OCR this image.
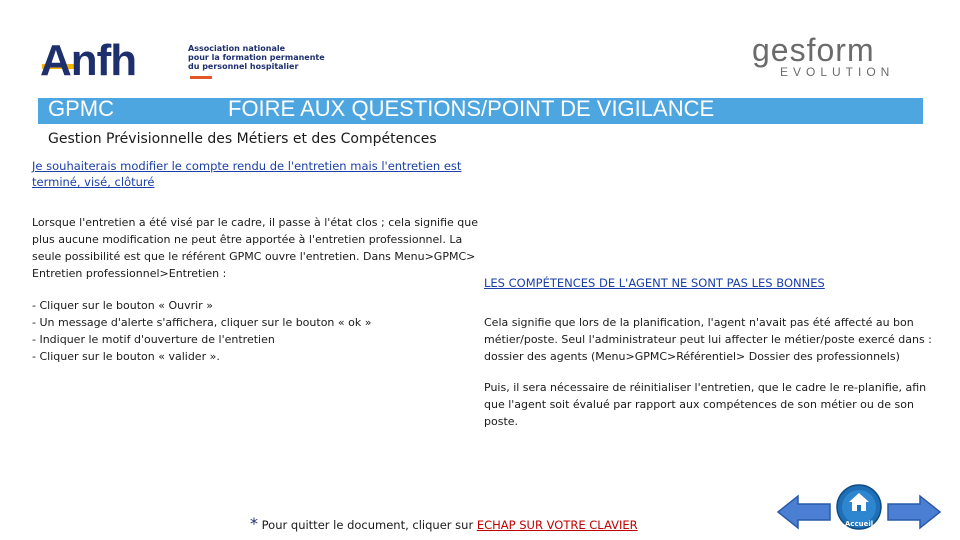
Anfh	Association nationale
pour la formation permanente
du personnel hospitalier	gesform
EVOLUTION
GPMC	FOIRE AUX QUESTIONS/POINT DE VIGILANCE
Gestion Prévisionnelle des Métiers et des Compétences
Je souhaiterais modifier le compte rendu de l'entretien mais l'entretien est terminé, visé, clôturé
Lorsque l'entretien a été visé par le cadre, il passe à l'état clos ; cela signifie que plus aucune modification ne peut être apportée à l'entretien professionnel. La seule possibilité est que le référent GPMC ouvre l'entretien. Dans Menu>GPMC> Entretien professionnel>Entretien :
- Cliquer sur le bouton « Ouvrir »
- Un message d'alerte s'affichera, cliquer sur le bouton « ok »
- Indiquer le motif d'ouverture de l'entretien
- Cliquer sur le bouton « valider ».
LES COMPÉTENCES DE L'AGENT NE SONT PAS LES BONNES
Cela signifie que lors de la planification, l'agent n'avait pas été affecté au bon métier/poste. Seul l'administrateur peut lui affecter le métier/poste exercé dans : dossier des agents (Menu>GPMC>Référentiel> Dossier des professionnels)
Puis, il sera nécessaire de réinitialiser l'entretien, que le cadre le re-planifie, afin que l'agent soit évalué par rapport aux compétences de son métier ou de son poste.
* Pour quitter le document, cliquer sur ECHAP SUR VOTRE CLAVIER	Accueil
